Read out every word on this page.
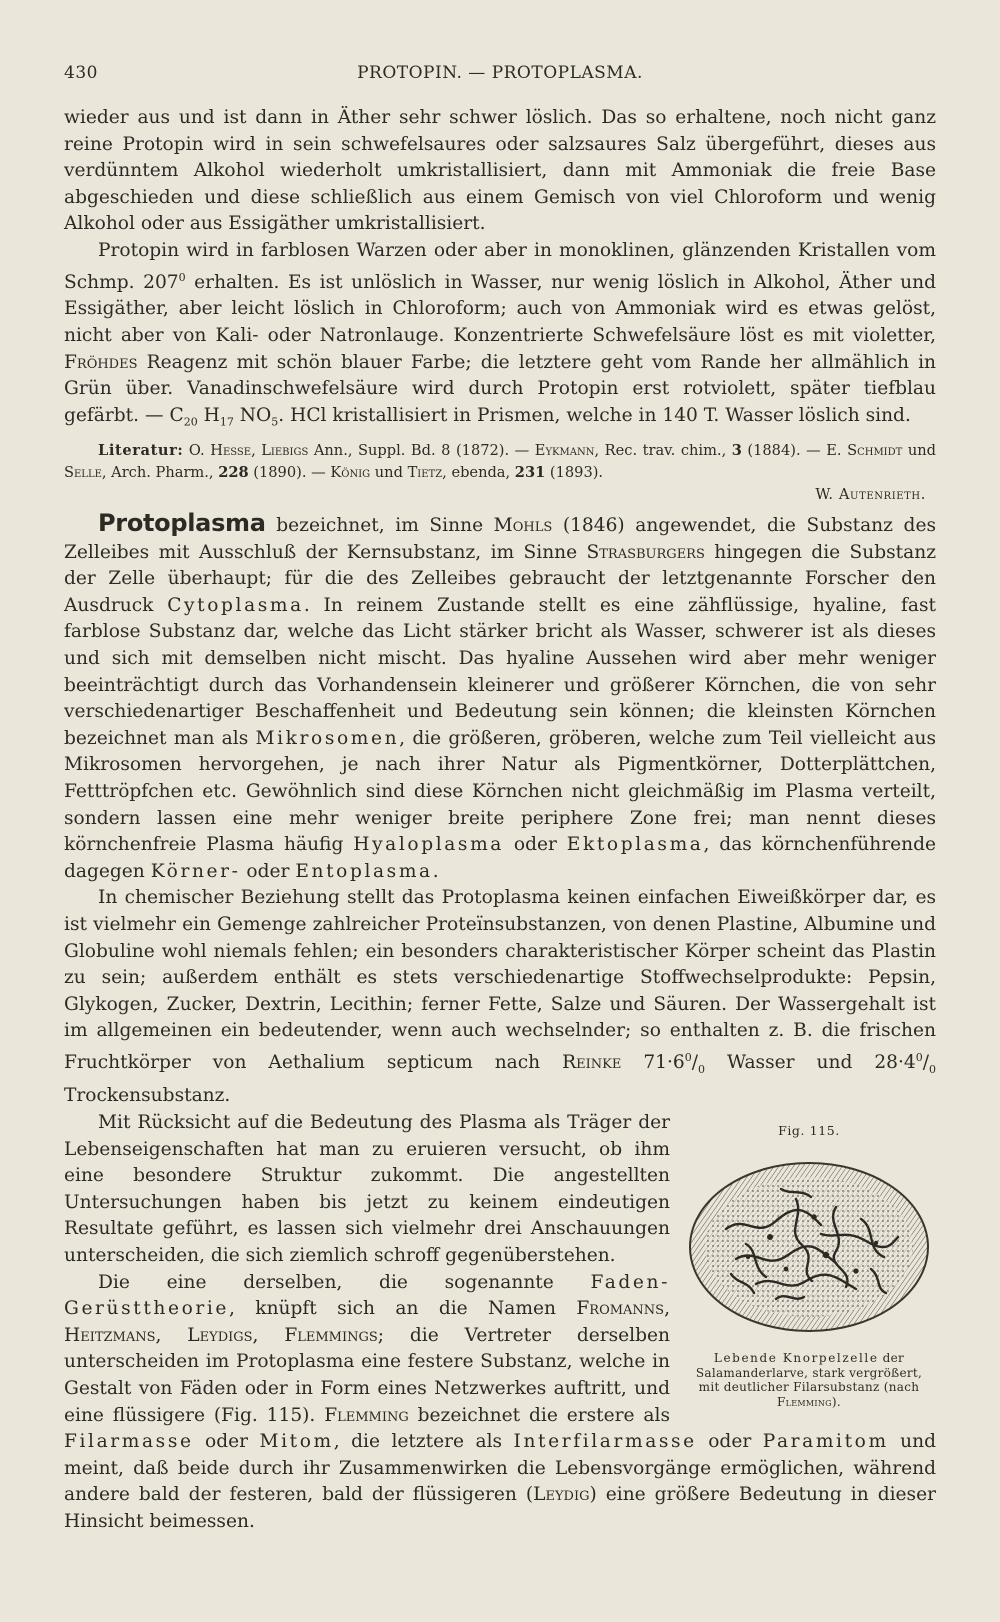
430	PROTOPIN. — PROTOPLASMA.

wieder aus und ist dann in Äther sehr schwer löslich. Das so erhaltene, noch nicht ganz reine Protopin wird in sein schwefelsaures oder salzsaures Salz übergeführt, dieses aus verdünntem Alkohol wiederholt umkristallisiert, dann mit Ammoniak die freie Base abgeschieden und diese schließlich aus einem Gemisch von viel Chloroform und wenig Alkohol oder aus Essigäther umkristallisiert.

Protopin wird in farblosen Warzen oder aber in monoklinen, glänzenden Kristallen vom Schmp. $207^0$ erhalten. Es ist unlöslich in Wasser, nur wenig löslich in Alkohol, Äther und Essigäther, aber leicht löslich in Chloroform; auch von Ammoniak wird es etwas gelöst, nicht aber von Kali- oder Natronlauge. Konzentrierte Schwefelsäure löst es mit violetter, Fröhdes Reagenz mit schön blauer Farbe; die letztere geht vom Rande her allmählich in Grün über. Vanadinschwefelsäure wird durch Protopin erst rotviolett, später tiefblau gefärbt. — $C_{20}$ $H_{17}$ $NO_5$. HCl kristallisiert in Prismen, welche in 140 T. Wasser löslich sind.

Literatur: O. Hesse, Liebigs Ann., Suppl. Bd. 8 (1872). — Eykmann, Rec. trav. chim., 3 (1884). — E. Schmidt und Selle, Arch. Pharm., 228 (1890). — König und Tietz, ebenda, 231 (1893).
W. Autenrieth.

Protoplasma bezeichnet, im Sinne Mohls (1846) angewendet, die Substanz des Zelleibes mit Ausschluß der Kernsubstanz, im Sinne Strasburgers hingegen die Substanz der Zelle überhaupt; für die des Zelleibes gebraucht der letztgenannte Forscher den Ausdruck Cytoplasma. In reinem Zustande stellt es eine zähflüssige, hyaline, fast farblose Substanz dar, welche das Licht stärker bricht als Wasser, schwerer ist als dieses und sich mit demselben nicht mischt. Das hyaline Aussehen wird aber mehr weniger beeinträchtigt durch das Vorhandensein kleinerer und größerer Körnchen, die von sehr verschiedenartiger Beschaffenheit und Bedeutung sein können; die kleinsten Körnchen bezeichnet man als Mikrosomen, die größeren, gröberen, welche zum Teil vielleicht aus Mikrosomen hervorgehen, je nach ihrer Natur als Pigmentkörner, Dotterplättchen, Fetttröpfchen etc. Gewöhnlich sind diese Körnchen nicht gleichmäßig im Plasma verteilt, sondern lassen eine mehr weniger breite periphere Zone frei; man nennt dieses körnchenfreie Plasma häufig Hyaloplasma oder Ektoplasma, das körnchenführende dagegen Körner- oder Entoplasma.

In chemischer Beziehung stellt das Protoplasma keinen einfachen Eiweißkörper dar, es ist vielmehr ein Gemenge zahlreicher Proteïnsubstanzen, von denen Plastine, Albumine und Globuline wohl niemals fehlen; ein besonders charakteristischer Körper scheint das Plastin zu sein; außerdem enthält es stets verschiedenartige Stoffwechselprodukte: Pepsin, Glykogen, Zucker, Dextrin, Lecithin; ferner Fette, Salze und Säuren. Der Wassergehalt ist im allgemeinen ein bedeutender, wenn auch wechselnder; so enthalten z. B. die frischen Fruchtkörper von Aethalium septicum nach Reinke $71\cdot 6^0/_0$ Wasser und $28\cdot 4^0/_0$ Trockensubstanz.

Fig. 115.
Lebende Knorpelzelle der Salamanderlarve, stark vergrößert, mit deutlicher Filarsubstanz (nach Flemming).

Mit Rücksicht auf die Bedeutung des Plasma als Träger der Lebenseigenschaften hat man zu eruieren versucht, ob ihm eine besondere Struktur zukommt. Die angestellten Untersuchungen haben bis jetzt zu keinem eindeutigen Resultate geführt, es lassen sich vielmehr drei Anschauungen unterscheiden, die sich ziemlich schroff gegenüberstehen.

Die eine derselben, die sogenannte Faden-Gerüsttheorie, knüpft sich an die Namen Fromanns, Heitzmans, Leydigs, Flemmings; die Vertreter derselben unterscheiden im Protoplasma eine festere Substanz, welche in Gestalt von Fäden oder in Form eines Netzwerkes auftritt, und eine flüssigere (Fig. 115). Flemming bezeichnet die erstere als Filarmasse oder Mitom, die letztere als Interfilarmasse oder Paramitom und meint, daß beide durch ihr Zusammenwirken die Lebensvorgänge ermöglichen, während andere bald der festeren, bald der flüssigeren (Leydig) eine größere Bedeutung in dieser Hinsicht beimessen.
